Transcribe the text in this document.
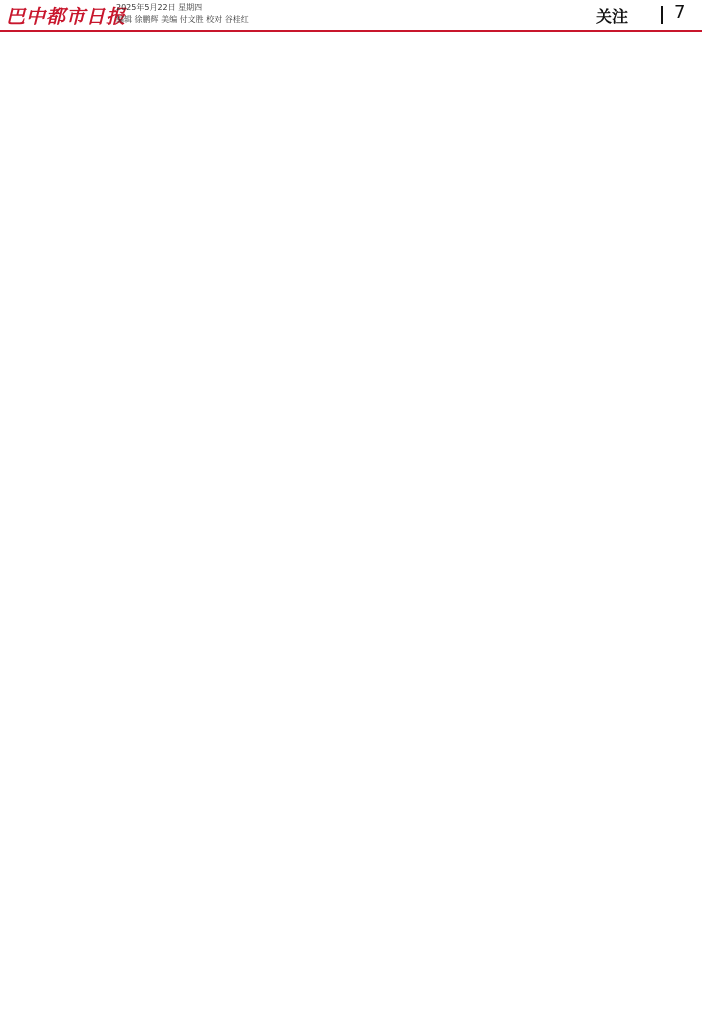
巴中都市日报
2025年5月22日 星期四
编辑 徐鹏辉 美编 付文胜 校对 谷桂红	关注	7
